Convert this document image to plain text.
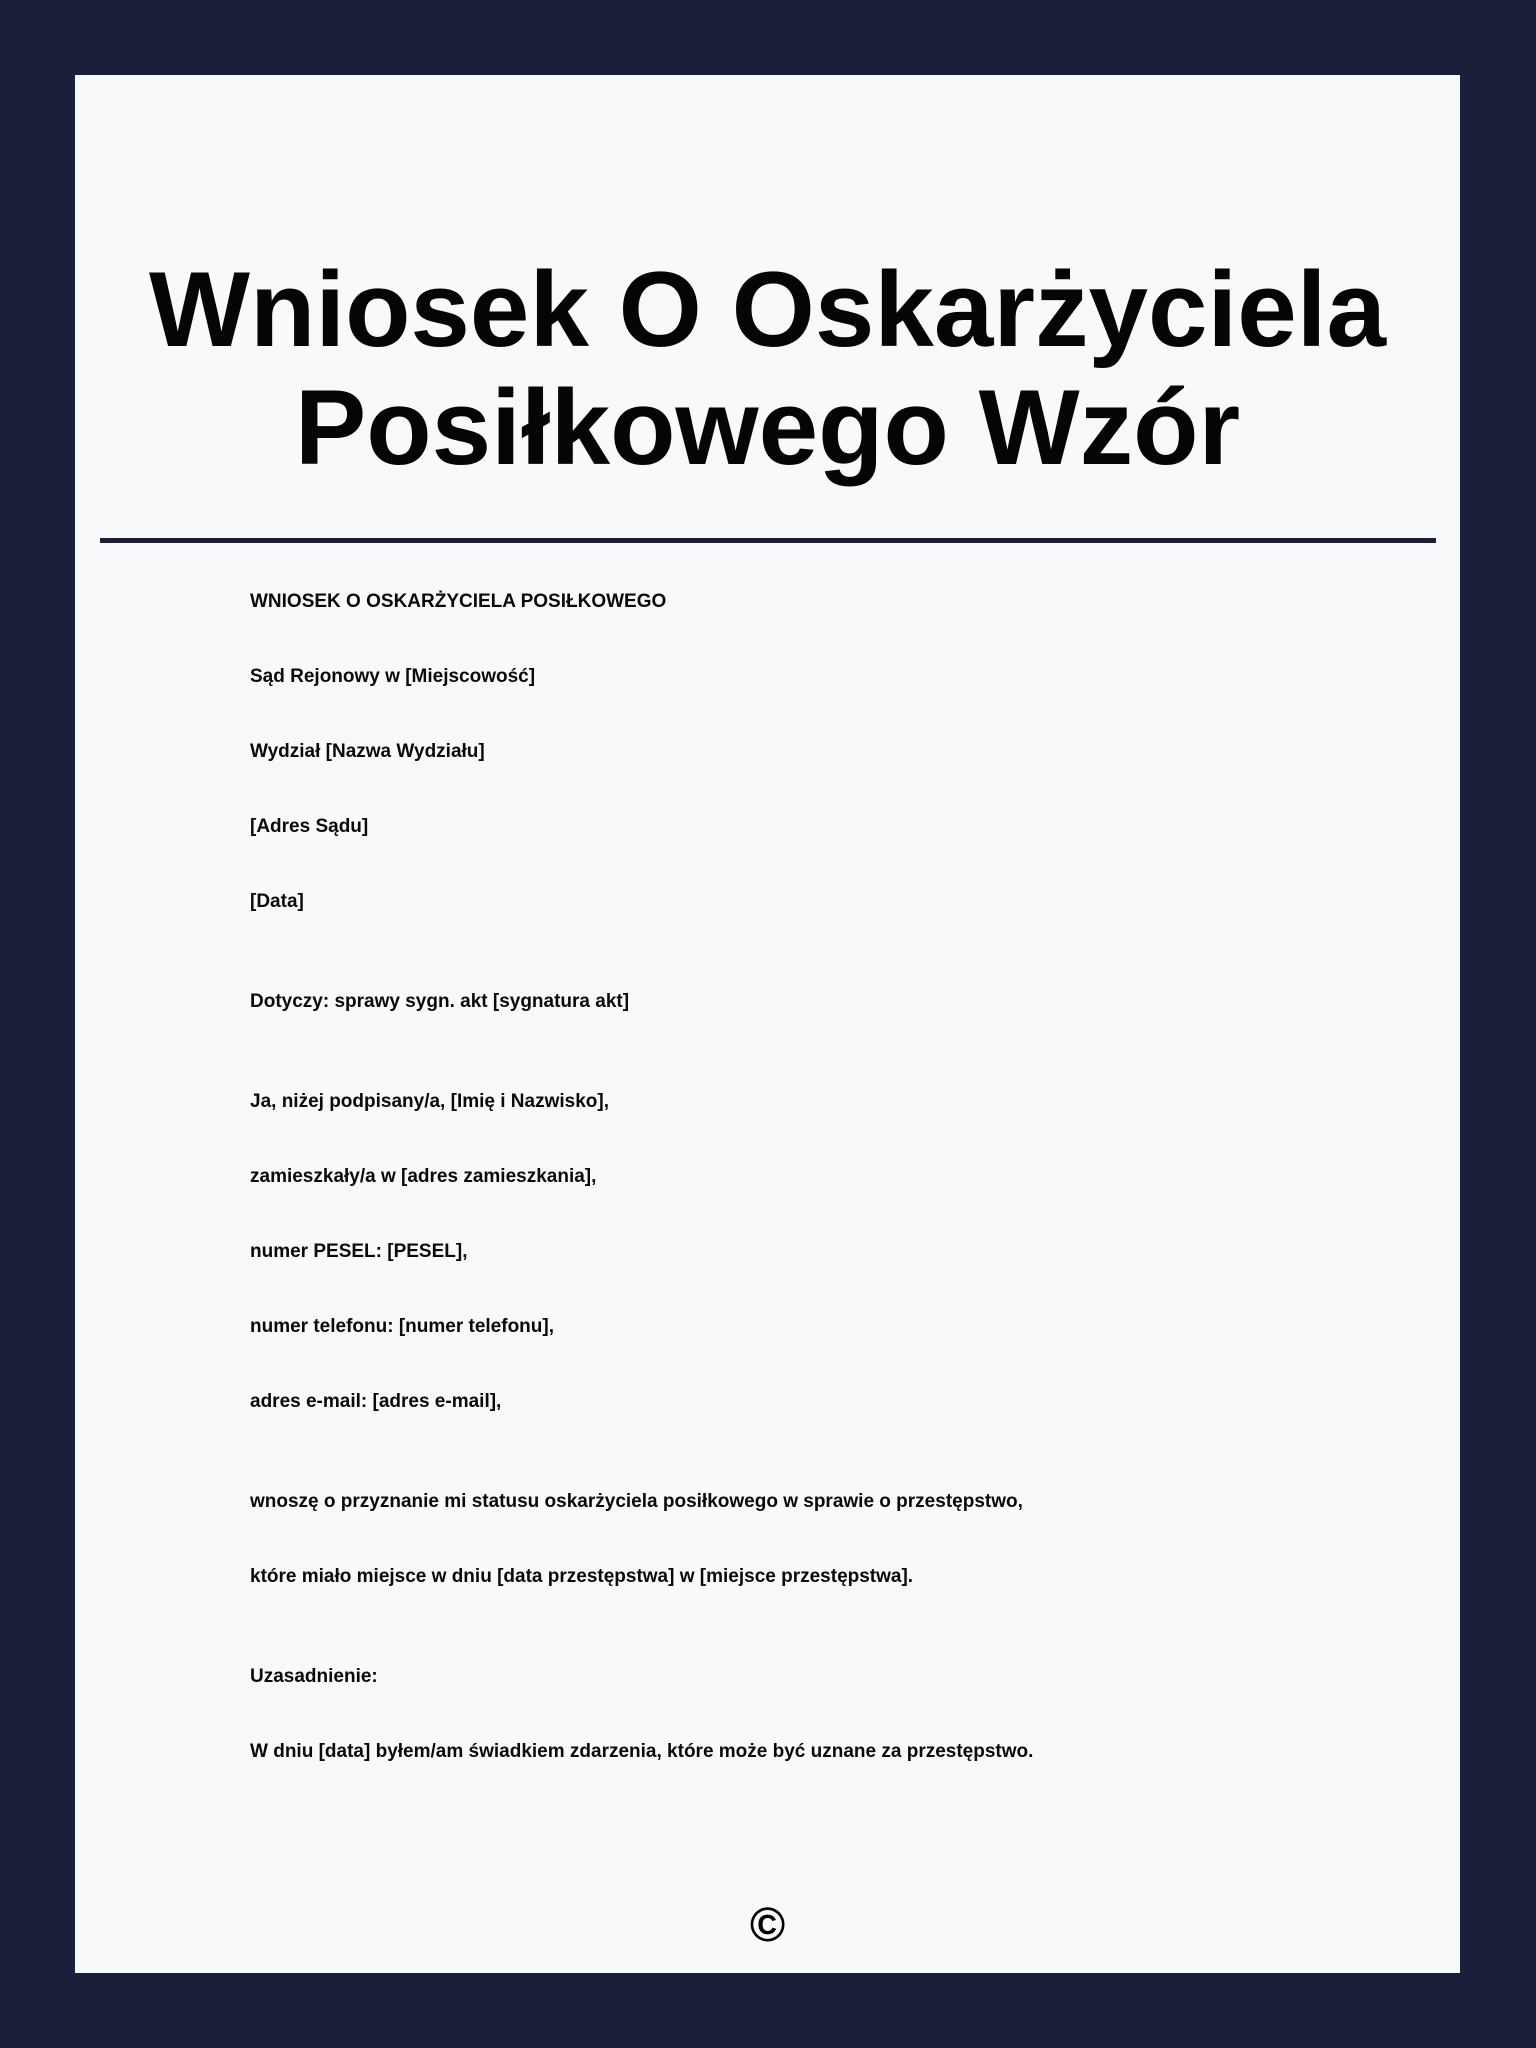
Wniosek O Oskarżyciela
Posiłkowego Wzór
WNIOSEK O OSKARŻYCIELA POSIŁKOWEGO
Sąd Rejonowy w [Miejscowość]
Wydział [Nazwa Wydziału]
[Adres Sądu]
[Data]
Dotyczy: sprawy sygn. akt [sygnatura akt]
Ja, niżej podpisany/a, [Imię i Nazwisko],
zamieszkały/a w [adres zamieszkania],
numer PESEL: [PESEL],
numer telefonu: [numer telefonu],
adres e-mail: [adres e-mail],
wnoszę o przyznanie mi statusu oskarżyciela posiłkowego w sprawie o przestępstwo,
które miało miejsce w dniu [data przestępstwa] w [miejsce przestępstwa].
Uzasadnienie:
W dniu [data] byłem/am świadkiem zdarzenia, które może być uznane za przestępstwo.
©
